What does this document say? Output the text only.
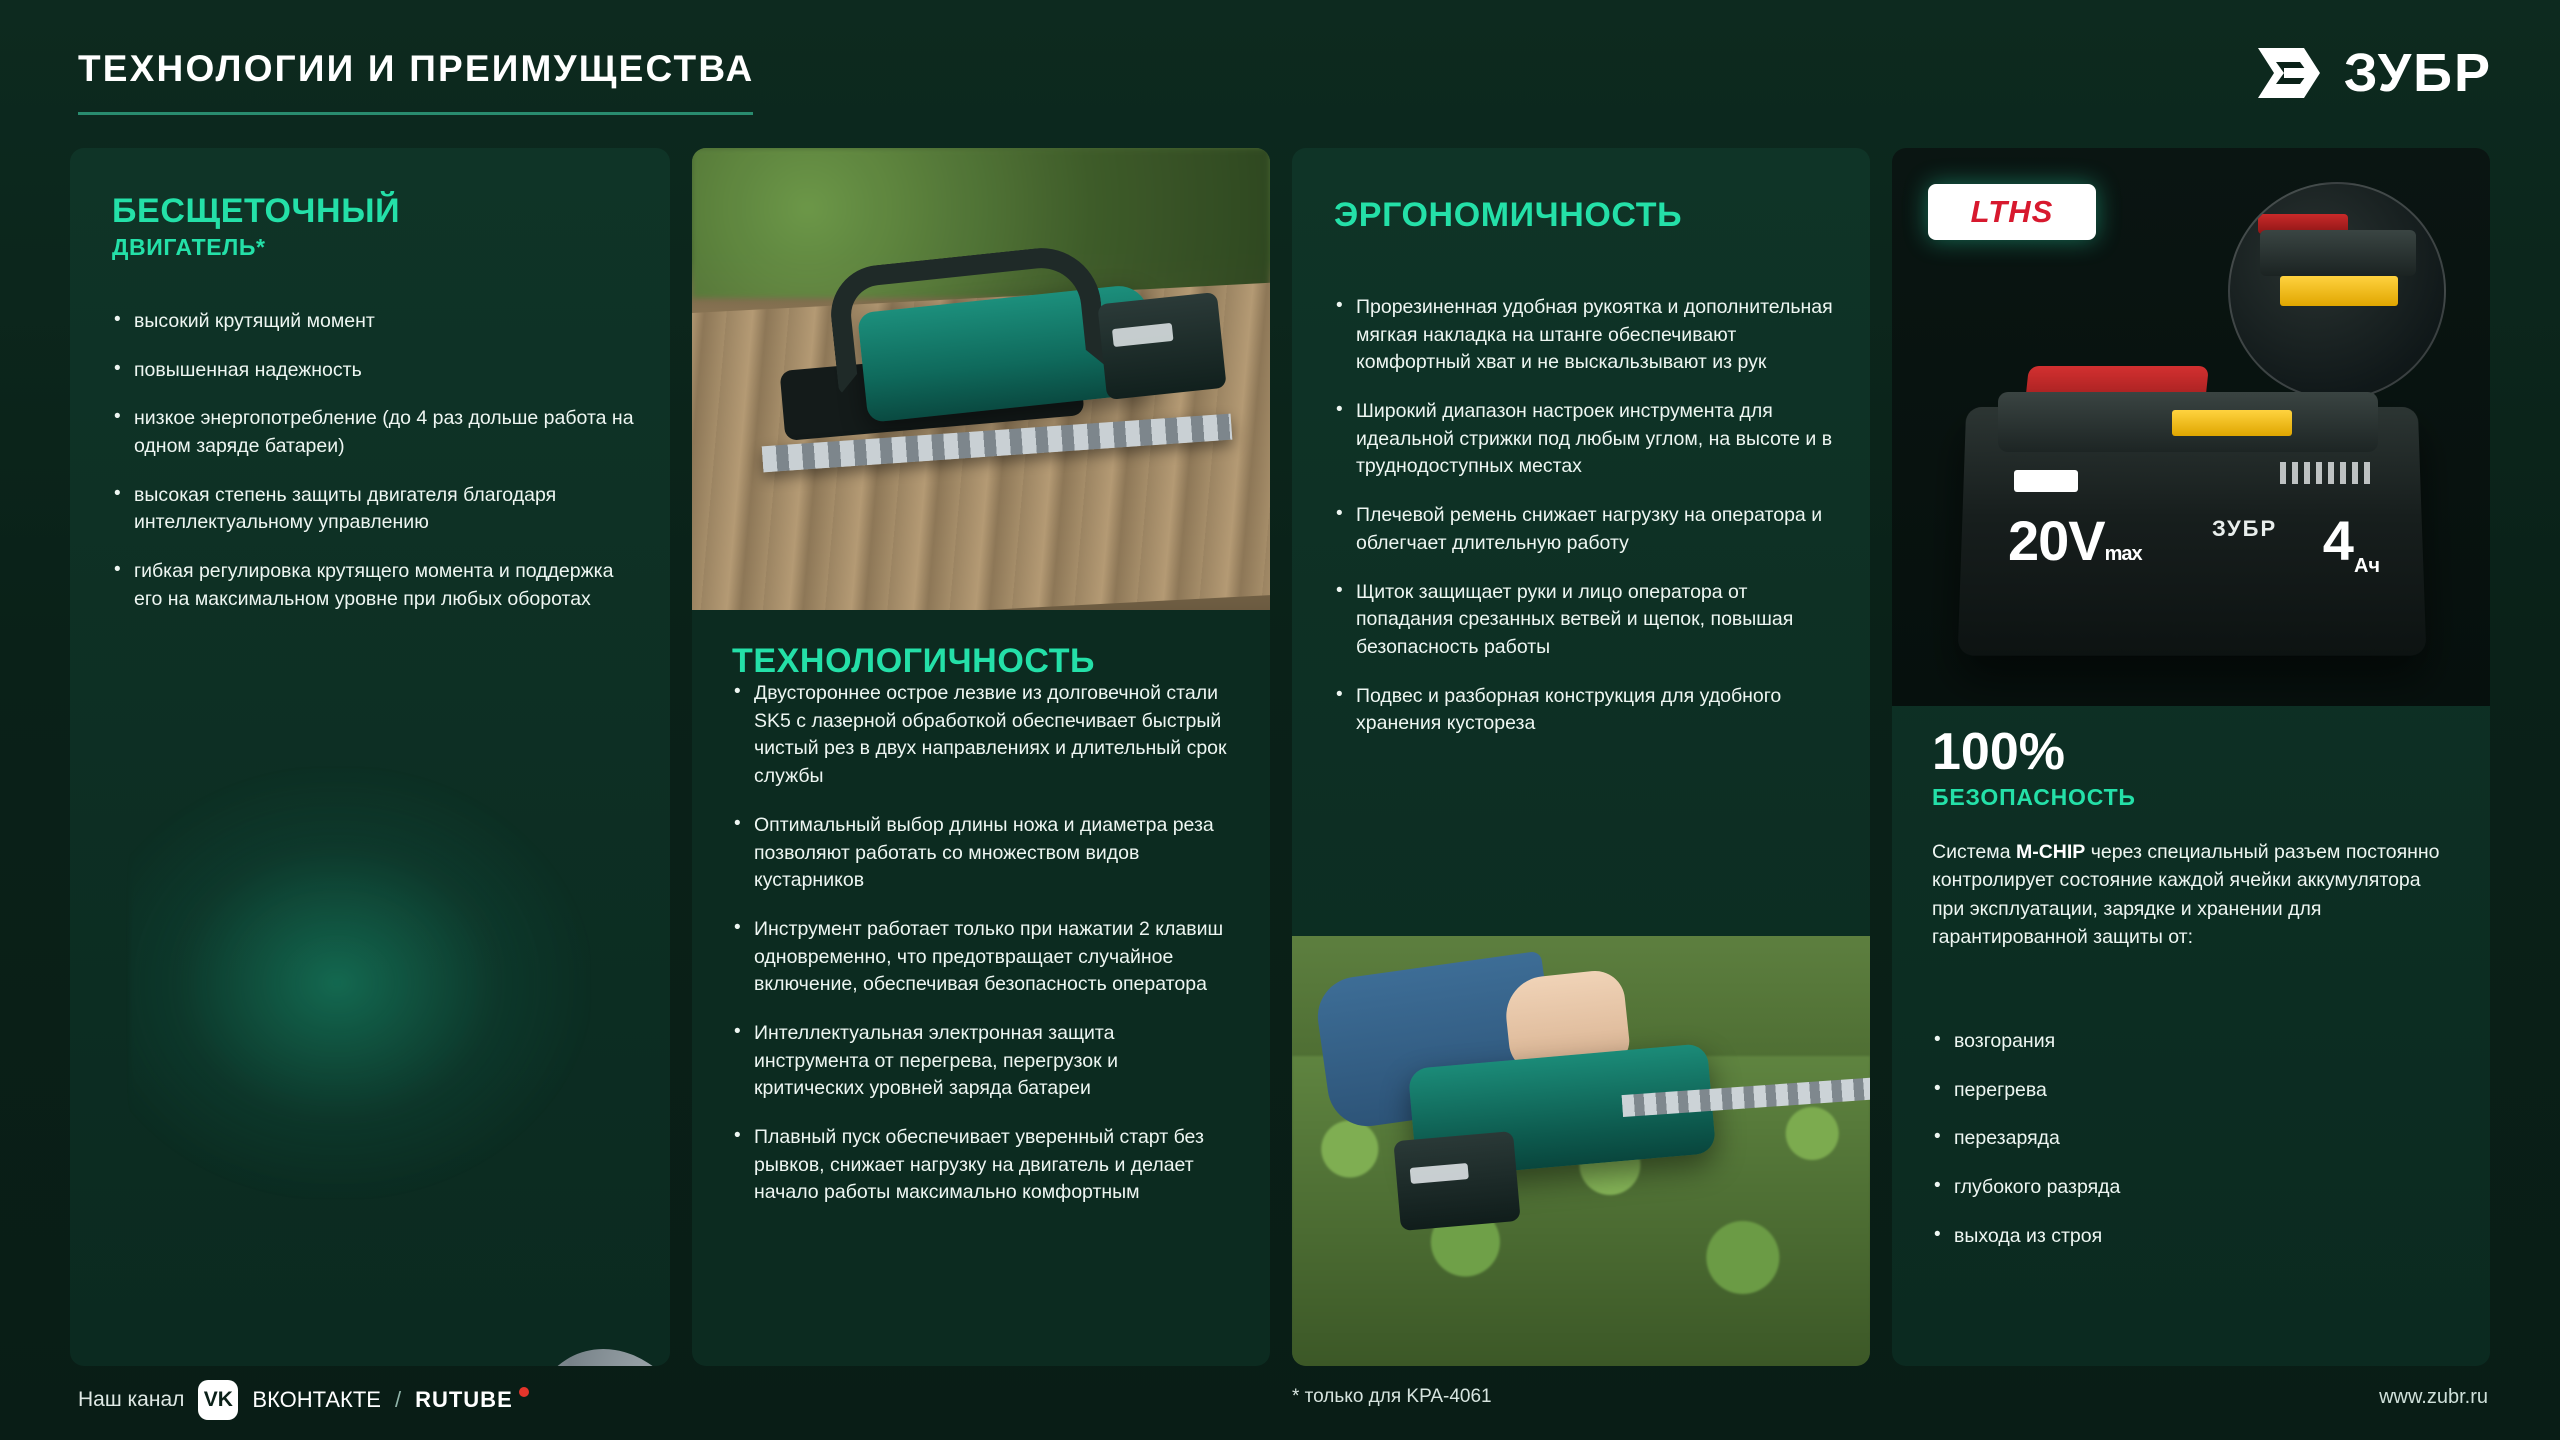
ТЕХНОЛОГИИ И ПРЕИМУЩЕСТВА	ЗУБР
БЕСЩЕТОЧНЫЙ
ДВИГАТЕЛЬ*
• высокий крутящий момент
• повышенная надежность
• низкое энергопотребление (до 4 раз дольше работа на одном заряде батареи)
• высокая степень защиты двигателя благодаря интеллектуальному управлению
• гибкая регулировка крутящего момента и поддержка его на максимальном уровне при любых оборотах
ТЕХНОЛОГИЧНОСТЬ
• Двустороннее острое лезвие из долговечной стали SK5 с лазерной обработкой обеспечивает быстрый чистый рез в двух направлениях и длительный срок службы
• Оптимальный выбор длины ножа и диаметра реза позволяют работать со множеством видов кустарников
• Инструмент работает только при нажатии 2 клавиш одновременно, что предотвращает случайное включение, обеспечивая безопасность оператора
• Интеллектуальная электронная защита инструмента от перегрева, перегрузок и критических уровней заряда батареи
• Плавный пуск обеспечивает уверенный старт без рывков, снижает нагрузку на двигатель и делает начало работы максимально комфортным
ЭРГОНОМИЧНОСТЬ
• Прорезиненная удобная рукоятка и дополнительная мягкая накладка на штанге обеспечивают комфортный хват и не выскальзывают из рук
• Широкий диапазон настроек инструмента для идеальной стрижки под любым углом, на высоте и в труднодоступных местах
• Плечевой ремень снижает нагрузку на оператора и облегчает длительную работу
• Щиток защищает руки и лицо оператора от попадания срезанных ветвей и щепок, повышая безопасность работы
• Подвес и разборная конструкция для удобного хранения кустореза
LTHS
20Vmax
ЗУБР $4_{Ач}$
100%
БЕЗОПАСНОСТЬ
Система M-CHIP через специальный разъем постоянно контролирует состояние каждой ячейки аккумулятора при эксплуатации, зарядке и хранении для гарантированной защиты от:
• возгорания
• перегрева
• перезаряда
• глубокого разряда
• выхода из строя
Наш канал VK ВКОНТАКТЕ / RUTUBE	* только для KPA-4061	www.zubr.ru
